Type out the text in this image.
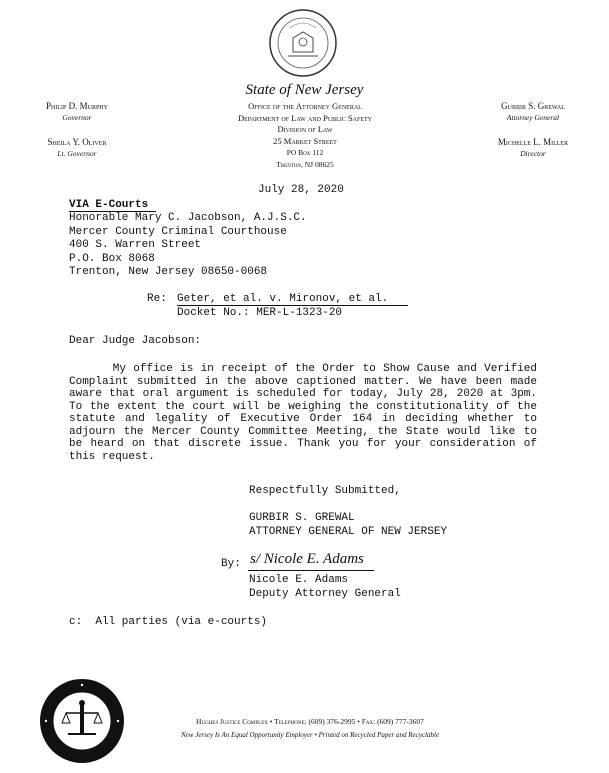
State of New Jersey
Philip D. Murphy
Governor
Sheila Y. Oliver
Lt. Governor
Office of the Attorney General
Department of Law and Public Safety
Division of Law
25 Market Street
PO Box 112
Trenton, NJ 08625
Gurbir S. Grewal
Attorney General
Michelle L. Miller
Director
July 28, 2020
VIA E-Courts
Honorable Mary C. Jacobson, A.J.S.C.
Mercer County Criminal Courthouse
400 S. Warren Street
P.O. Box 8068
Trenton, New Jersey 08650-0068
Re: Geter, et al. v. Mironov, et al.
Docket No.: MER-L-1323-20
Dear Judge Jacobson:
My office is in receipt of the Order to Show Cause and Verified Complaint submitted in the above captioned matter. We have been made aware that oral argument is scheduled for today, July 28, 2020 at 3pm. To the extent the court will be weighing the constitutionality of the statute and legality of Executive Order 164 in deciding whether to adjourn the Mercer County Committee Meeting, the State would like to be heard on that discrete issue. Thank you for your consideration of this request.
Respectfully Submitted,
GURBIR S. GREWAL
ATTORNEY GENERAL OF NEW JERSEY
By: s/ Nicole E. Adams
Nicole E. Adams
Deputy Attorney General
c:  All parties (via e-courts)
Hughes Justice Complex • Telephone: (609) 376-2995 • Fax: (609) 777-3607
New Jersey Is An Equal Opportunity Employer • Printed on Recycled Paper and Recyclable
